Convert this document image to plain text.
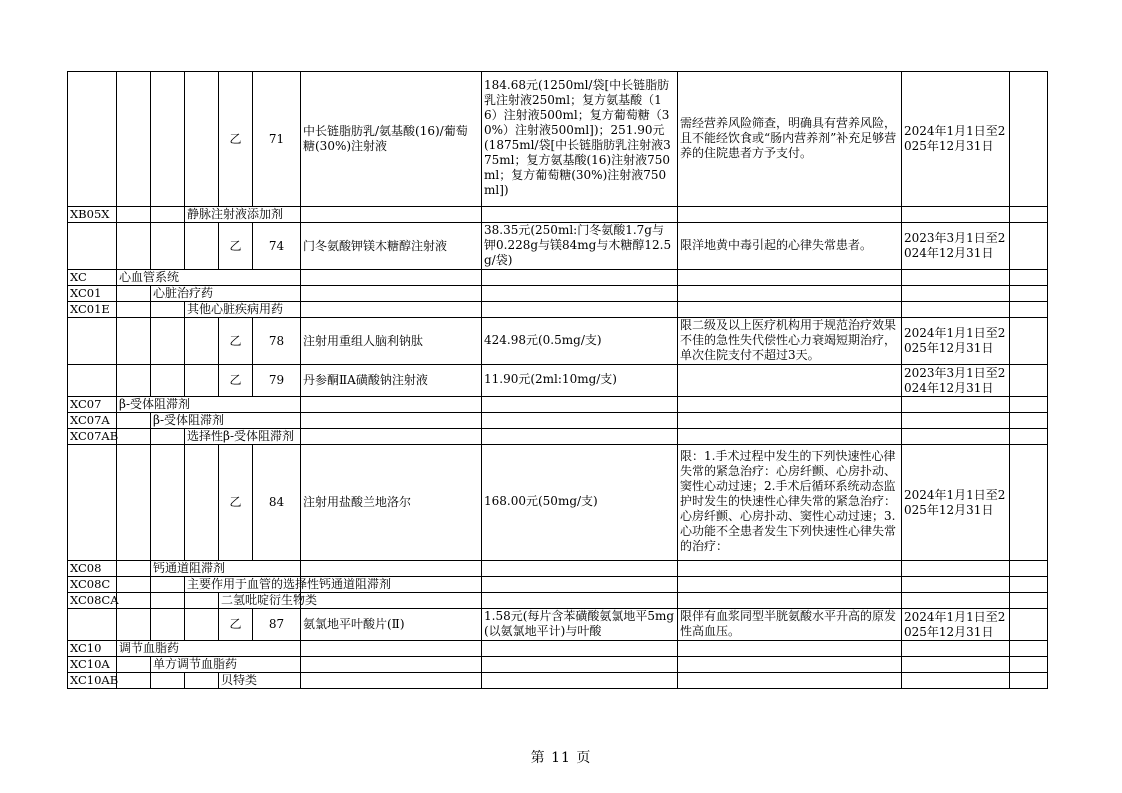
				乙	71	中长链脂肪乳/氨基酸(16)/葡萄糖(30%)注射液	184.68元(1250ml/袋[中长链脂肪乳注射液250ml；复方氨基酸（16）注射液500ml；复方葡萄糖（30%）注射液500ml])；251.90元(1875ml/袋[中长链脂肪乳注射液375ml；复方氨基酸(16)注射液750ml；复方葡萄糖(30%)注射液750ml])	需经营养风险筛查，明确具有营养风险，且不能经饮食或“肠内营养剂”补充足够营养的住院患者方予支付。	2024年1月1日至2025年12月31日	
XB05X			静脉注射液添加剂							
				乙	74	门冬氨酸钾镁木糖醇注射液	38.35元(250ml:门冬氨酸1.7g与钾0.228g与镁84mg与木糖醇12.5g/袋)	限洋地黄中毒引起的心律失常患者。	2023年3月1日至2024年12月31日	
XC	心血管系统									
XC01		心脏治疗药								
XC01E			其他心脏疾病用药							
				乙	78	注射用重组人脑利钠肽	424.98元(0.5mg/支)	限二级及以上医疗机构用于规范治疗效果不佳的急性失代偿性心力衰竭短期治疗，单次住院支付不超过3天。	2024年1月1日至2025年12月31日	
				乙	79	丹参酮ⅡA磺酸钠注射液	11.90元(2ml:10mg/支)		2023年3月1日至2024年12月31日	
XC07	β-受体阻滞剂									
XC07A		β-受体阻滞剂								
XC07AB			选择性β-受体阻滞剂							
				乙	84	注射用盐酸兰地洛尔	168.00元(50mg/支)	限：1.手术过程中发生的下列快速性心律失常的紧急治疗：心房纤颤、心房扑动、窦性心动过速；2.手术后循环系统动态监护时发生的快速性心律失常的紧急治疗：心房纤颤、心房扑动、窦性心动过速；3.心功能不全患者发生下列快速性心律失常的治疗：	2024年1月1日至2025年12月31日	
XC08		钙通道阻滞剂								
XC08C			主要作用于血管的选择性钙通道阻滞剂							
XC08CA				二氢吡啶衍生物类						
				乙	87	氨氯地平叶酸片(Ⅱ)	1.58元(每片含苯磺酸氨氯地平5mg(以氨氯地平计)与叶酸	限伴有血浆同型半胱氨酸水平升高的原发性高血压。	2024年1月1日至2025年12月31日	
XC10	调节血脂药									
XC10A		单方调节血脂药								
XC10AB				贝特类						
第 11 页
